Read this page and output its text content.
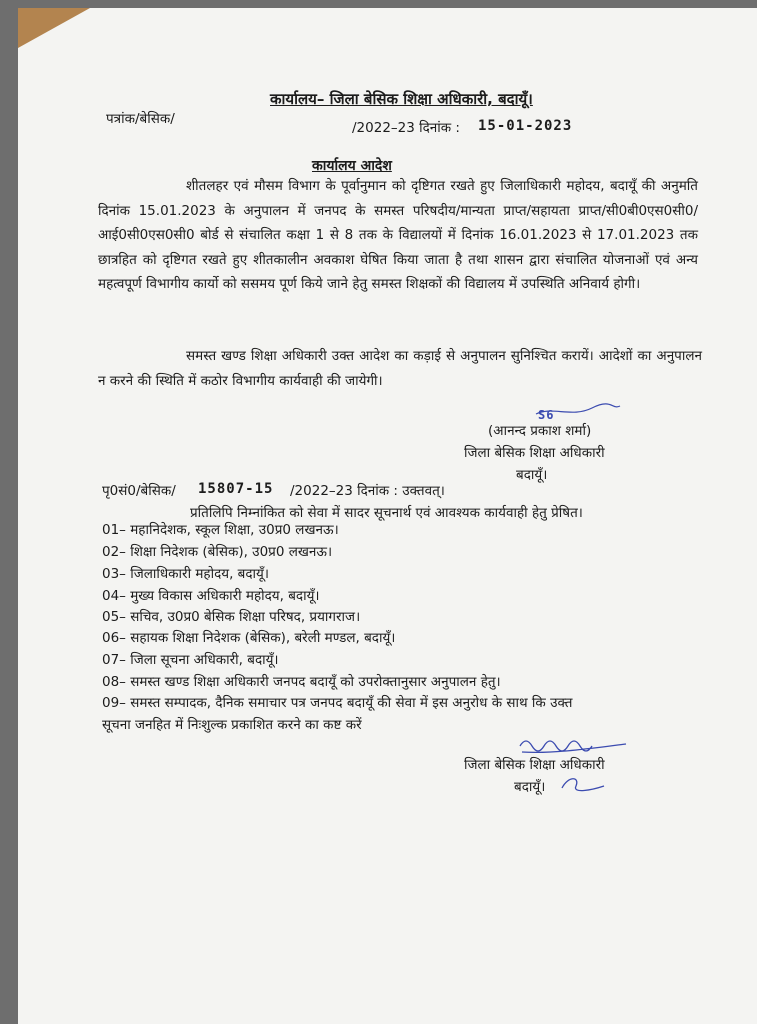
कार्यालय– जिला बेसिक शिक्षा अधिकारी, बदायूँ।
पत्रांक/बेसिक/
/2022–23 दिनांक : 15-01-2023
कार्यालय आदेश

शीतलहर एवं मौसम विभाग के पूर्वानुमान को दृष्टिगत रखते हुए जिलाधिकारी महोदय, बदायूँ की अनुमति दिनांक 15.01.2023 के अनुपालन में जनपद के समस्त परिषदीय/मान्यता प्राप्त/सहायता प्राप्त/सी0बी0एस0सी0/ आई0सी0एस0सी0 बोर्ड से संचालित कक्षा 1 से 8 तक के विद्यालयों में दिनांक 16.01.2023 से 17.01.2023 तक छात्रहित को दृष्टिगत रखते हुए शीतकालीन अवकाश घेषित किया जाता है तथा शासन द्वारा संचालित योजनाओं एवं अन्य महत्वपूर्ण विभागीय कार्यो को ससमय पूर्ण किये जाने हेतु समस्त शिक्षकों की विद्यालय में उपस्थिति अनिवार्य होगी।

समस्त खण्ड शिक्षा अधिकारी उक्त आदेश का कड़ाई से अनुपालन सुनिश्चित करायें। आदेशों का अनुपालन न करने की स्थिति में कठोर विभागीय कार्यवाही की जायेगी।

S6
(आनन्द प्रकाश शर्मा)
जिला बेसिक शिक्षा अधिकारी
बदायूँ।
पृ0सं0/बेसिक/ 15807-15 /2022–23 दिनांक : उक्तवत्।
प्रतिलिपि निम्नांकित को सेवा में सादर सूचनार्थ एवं आवश्यक कार्यवाही हेतु प्रेषित।
01– महानिदेशक, स्कूल शिक्षा, उ0प्र0 लखनऊ।
02– शिक्षा निदेशक (बेसिक), उ0प्र0 लखनऊ।
03– जिलाधिकारी महोदय, बदायूँ।
04– मुख्य विकास अधिकारी महोदय, बदायूँ।
05– सचिव, उ0प्र0 बेसिक शिक्षा परिषद, प्रयागराज।
06– सहायक शिक्षा निदेशक (बेसिक), बरेली मण्डल, बदायूँ।
07– जिला सूचना अधिकारी, बदायूँ।
08– समस्त खण्ड शिक्षा अधिकारी जनपद बदायूँ को उपरोक्तानुसार अनुपालन हेतु।
09– समस्त सम्पादक, दैनिक समाचार पत्र जनपद बदायूँ की सेवा में इस अनुरोध के साथ कि उक्त
सूचना जनहित में निःशुल्क प्रकाशित करने का कष्ट करें
जिला बेसिक शिक्षा अधिकारी
बदायूँ।
